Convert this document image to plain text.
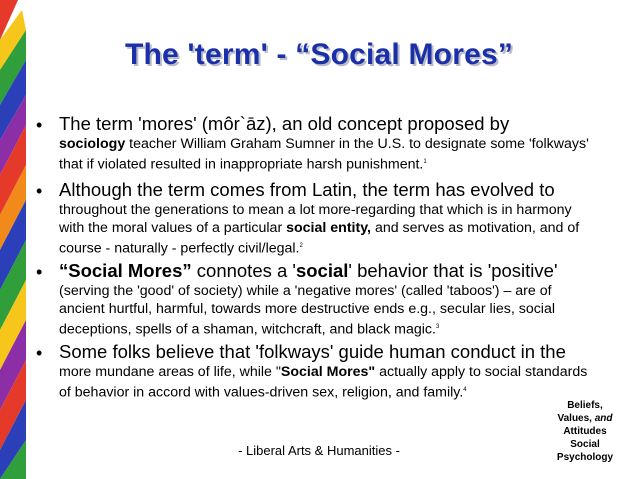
The 'term' - “Social Mores”
• The term 'mores' (môr`āz), an old concept proposed by
sociology teacher William Graham Sumner in the U.S. to designate some 'folkways' that if violated resulted in inappropriate harsh punishment.$^1$
• Although the term comes from Latin, the term has evolved to
throughout the generations to mean a lot more-regarding that which is in harmony with the moral values of a particular social entity, and serves as motivation, and of course - naturally - perfectly civil/legal.$^2$
• “Social Mores” connotes a 'social' behavior that is 'positive'
(serving the 'good' of society) while a 'negative mores' (called 'taboos') – are of ancient hurtful, harmful, towards more destructive ends e.g., secular lies, social deceptions, spells of a shaman, witchcraft, and black magic.$^3$
• Some folks believe that 'folkways' guide human conduct in the
more mundane areas of life, while "Social Mores" actually apply to social standards of behavior in accord with values-driven sex, religion, and family.$^4$
- Liberal Arts & Humanities -
Beliefs,
Values, and
Attitudes
Social
Psychology
